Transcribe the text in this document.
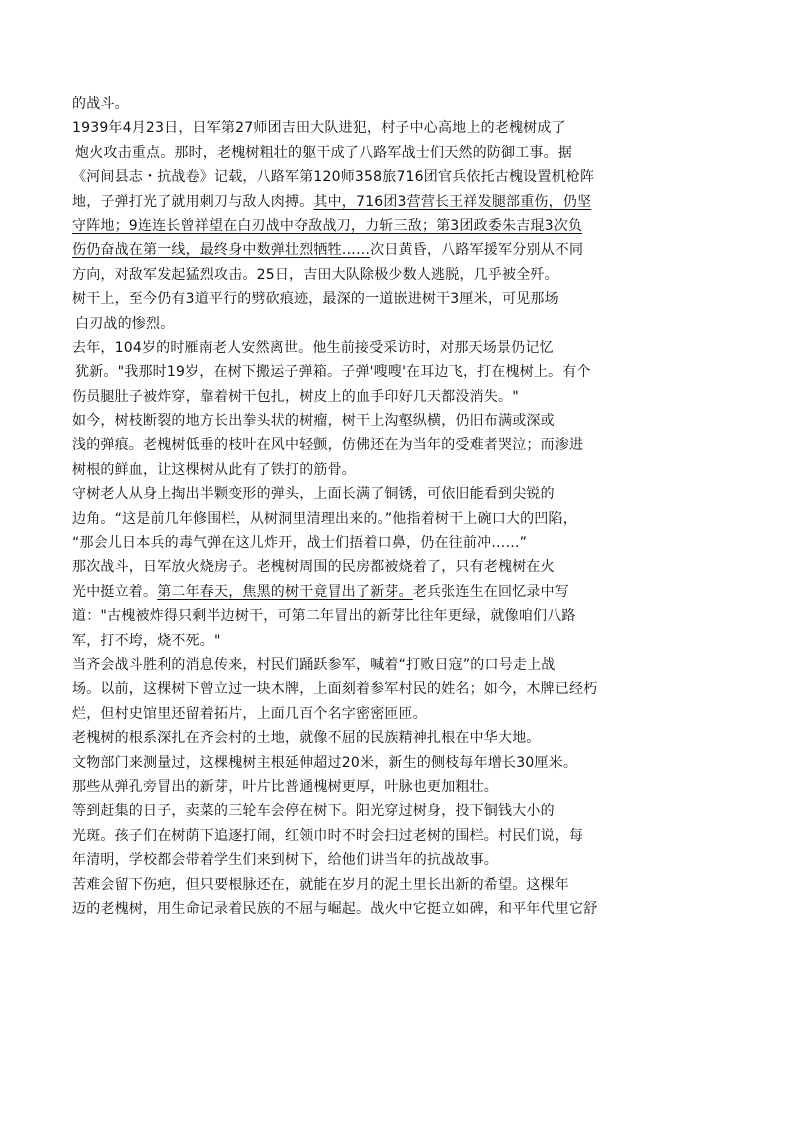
的战斗。
1939年4月23日，日军第27师团吉田大队进犯，村子中心高地上的老槐树成了
炮火攻击重点。那时，老槐树粗壮的躯干成了八路军战士们天然的防御工事。据
《河间县志・抗战卷》记载，八路军第120师358旅716团官兵依托古槐设置机枪阵
地，子弹打光了就用刺刀与敌人肉搏。其中，716团3营营长王祥发腿部重伤，仍坚
守阵地；9连连长曾祥望在白刃战中夺敌战刀，力斩三敌；第3团政委朱吉琨3次负
伤仍奋战在第一线，最终身中数弹壮烈牺牲……次日黄昏，八路军援军分别从不同
方向，对敌军发起猛烈攻击。25日，吉田大队除极少数人逃脱，几乎被全歼。
树干上，至今仍有3道平行的劈砍痕迹，最深的一道嵌进树干3厘米，可见那场
白刃战的惨烈。
去年，104岁的时雁南老人安然离世。他生前接受采访时，对那天场景仍记忆
犹新。"我那时19岁，在树下搬运子弹箱。子弹'嗖嗖'在耳边飞，打在槐树上。有个
伤员腿肚子被炸穿，靠着树干包扎，树皮上的血手印好几天都没消失。"
如今，树枝断裂的地方长出拳头状的树瘤，树干上沟壑纵横，仍旧布满或深或
浅的弹痕。老槐树低垂的枝叶在风中轻颤，仿佛还在为当年的受难者哭泣；而渗进
树根的鲜血，让这棵树从此有了铁打的筋骨。
守树老人从身上掏出半颗变形的弹头，上面长满了铜锈，可依旧能看到尖锐的
边角。“这是前几年修围栏，从树洞里清理出来的。”他指着树干上碗口大的凹陷，
“那会儿日本兵的毒气弹在这儿炸开，战士们捂着口鼻，仍在往前冲……”
那次战斗，日军放火烧房子。老槐树周围的民房都被烧着了，只有老槐树在火
光中挺立着。第二年春天，焦黑的树干竟冒出了新芽。老兵张连生在回忆录中写
道："古槐被炸得只剩半边树干，可第二年冒出的新芽比往年更绿，就像咱们八路
军，打不垮，烧不死。"
当齐会战斗胜利的消息传来，村民们踊跃参军，喊着“打败日寇”的口号走上战
场。以前，这棵树下曾立过一块木牌，上面刻着参军村民的姓名；如今，木牌已经朽
烂，但村史馆里还留着拓片，上面几百个名字密密匝匝。
老槐树的根系深扎在齐会村的土地，就像不屈的民族精神扎根在中华大地。
文物部门来测量过，这棵槐树主根延伸超过20米，新生的侧枝每年增长30厘米。
那些从弹孔旁冒出的新芽，叶片比普通槐树更厚，叶脉也更加粗壮。
等到赶集的日子，卖菜的三轮车会停在树下。阳光穿过树身，投下铜钱大小的
光斑。孩子们在树荫下追逐打闹，红领巾时不时会扫过老树的围栏。村民们说，每
年清明，学校都会带着学生们来到树下，给他们讲当年的抗战故事。
苦难会留下伤疤，但只要根脉还在，就能在岁月的泥土里长出新的希望。这棵年
迈的老槐树，用生命记录着民族的不屈与崛起。战火中它挺立如碑，和平年代里它舒
